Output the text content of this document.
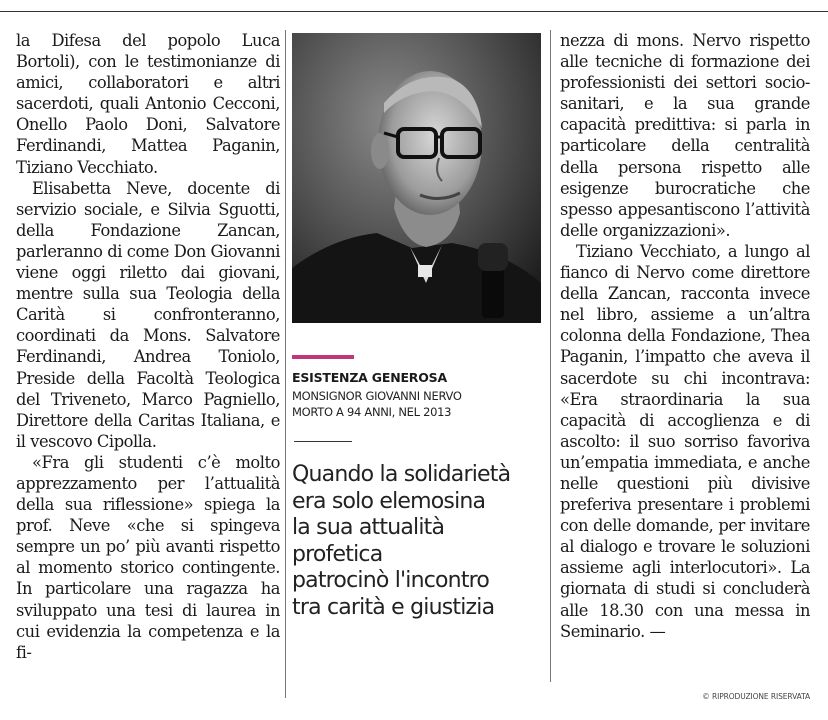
la Difesa del popolo Luca Bortoli), con le testimonianze di amici, collaboratori e altri sacerdoti, quali Antonio Cecconi, Onello Paolo Doni, Salvatore Ferdinandi, Mattea Paganin, Tiziano Vecchiato.

Elisabetta Neve, docente di servizio sociale, e Silvia Sguotti, della Fondazione Zancan, parleranno di come Don Giovanni viene oggi riletto dai giovani, mentre sulla sua Teologia della Carità si confronteranno, coordinati da Mons. Salvatore Ferdinandi, Andrea Toniolo, Preside della Facoltà Teologica del Triveneto, Marco Pagniello, Direttore della Caritas Italiana, e il vescovo Cipolla.

«Fra gli studenti c’è molto apprezzamento per l’attualità della sua riflessione» spiega la prof. Neve «che si spingeva sempre un po’ più avanti rispetto al momento storico contingente. In particolare una ragazza ha sviluppato una tesi di laurea in cui evidenzia la competenza e la fi-

ESISTENZA GENEROSA
MONSIGNOR GIOVANNI NERVO
MORTO A 94 ANNI, NEL 2013
Quando la solidarietà
era solo elemosina
la sua attualità
profetica
patrocinò l'incontro
tra carità e giustizia

nezza di mons. Nervo rispetto alle tecniche di formazione dei professionisti dei settori socio-sanitari, e la sua grande capacità predittiva: si parla in particolare della centralità della persona rispetto alle esigenze burocratiche che spesso appesantiscono l’attività delle organizzazioni».

Tiziano Vecchiato, a lungo al fianco di Nervo come direttore della Zancan, racconta invece nel libro, assieme a un’altra colonna della Fondazione, Thea Paganin, l’impatto che aveva il sacerdote su chi incontrava: «Era straordinaria la sua capacità di accoglienza e di ascolto: il suo sorriso favoriva un’empatia immediata, e anche nelle questioni più divisive preferiva presentare i problemi con delle domande, per invitare al dialogo e trovare le soluzioni assieme agli interlocutori». La giornata di studi si concluderà alle 18.30 con una messa in Seminario. —

© RIPRODUZIONE RISERVATA
